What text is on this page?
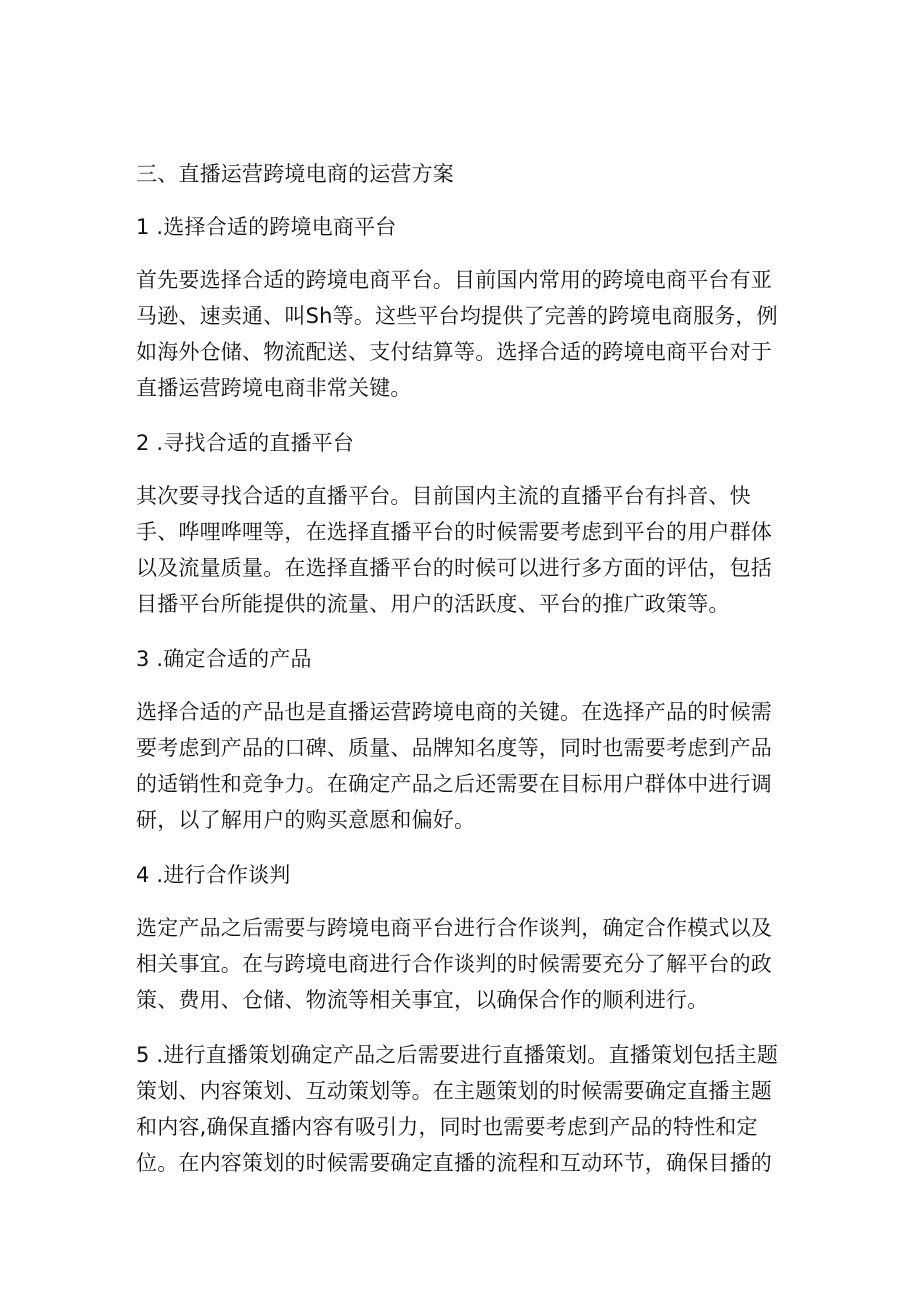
三、直播运营跨境电商的运营方案
1 .选择合适的跨境电商平台
首先要选择合适的跨境电商平台。目前国内常用的跨境电商平台有亚
马逊、速卖通、叫Sh等。这些平台均提供了完善的跨境电商服务，例
如海外仓储、物流配送、支付结算等。选择合适的跨境电商平台对于
直播运营跨境电商非常关键。
2 .寻找合适的直播平台
其次要寻找合适的直播平台。目前国内主流的直播平台有抖音、快
手、哗哩哗哩等，在选择直播平台的时候需要考虑到平台的用户群体
以及流量质量。在选择直播平台的时候可以进行多方面的评估，包括
目播平台所能提供的流量、用户的活跃度、平台的推广政策等。
3 .确定合适的产品
选择合适的产品也是直播运营跨境电商的关键。在选择产品的时候需
要考虑到产品的口碑、质量、品牌知名度等，同时也需要考虑到产品
的适销性和竞争力。在确定产品之后还需要在目标用户群体中进行调
研，以了解用户的购买意愿和偏好。
4 .进行合作谈判
选定产品之后需要与跨境电商平台进行合作谈判，确定合作模式以及
相关事宜。在与跨境电商进行合作谈判的时候需要充分了解平台的政
策、费用、仓储、物流等相关事宜，以确保合作的顺利进行。
5 .进行直播策划确定产品之后需要进行直播策划。直播策划包括主题
策划、内容策划、互动策划等。在主题策划的时候需要确定直播主题
和内容,确保直播内容有吸引力，同时也需要考虑到产品的特性和定
位。在内容策划的时候需要确定直播的流程和互动环节，确保目播的
